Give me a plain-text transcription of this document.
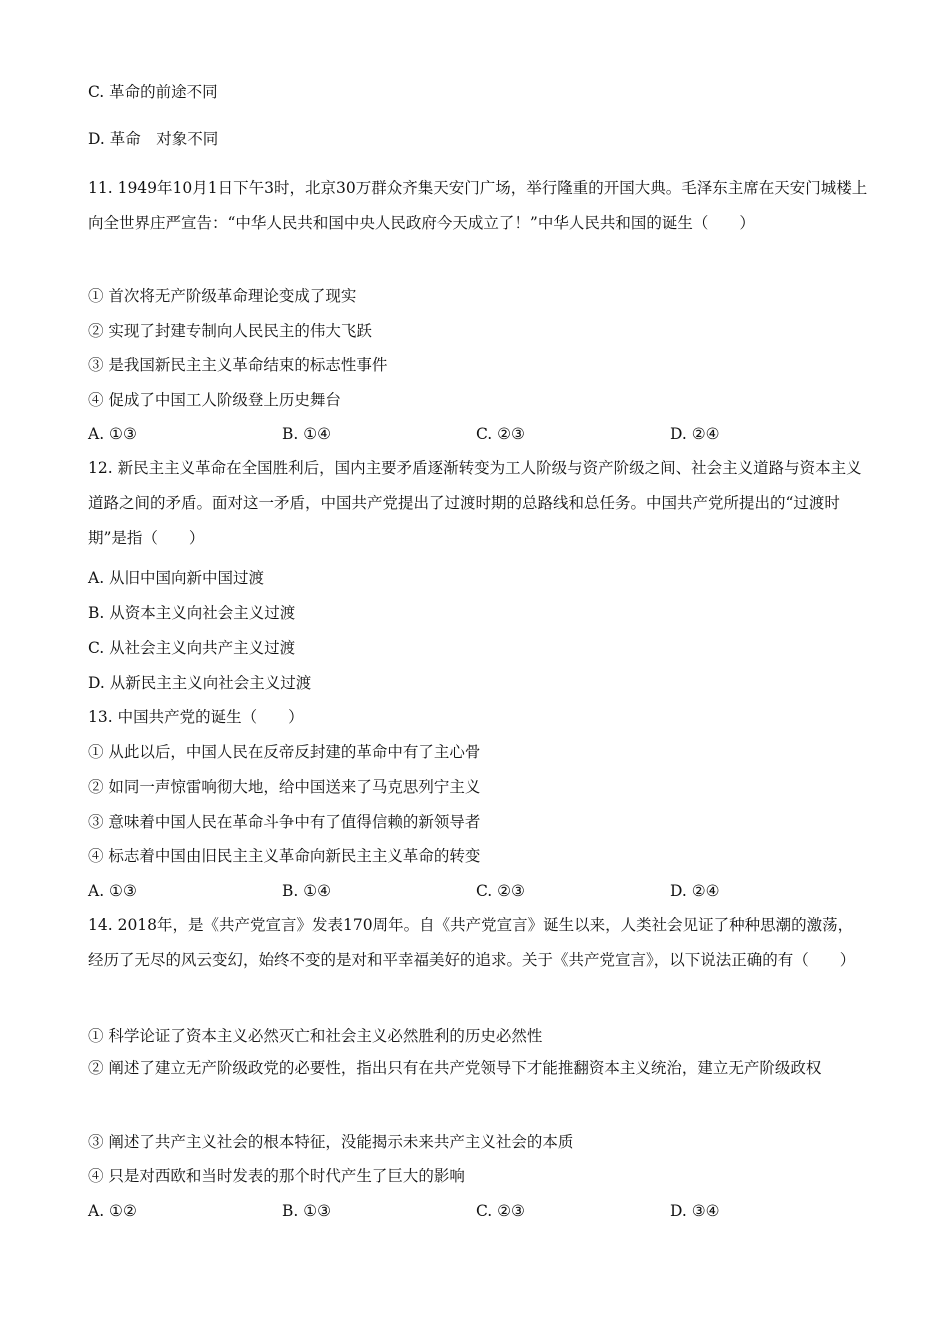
C. 革命的前途不同
D. 革命　对象不同
11. 1949年10月1日下午3时，北京30万群众齐集天安门广场，举行隆重的开国大典。毛泽东主席在天安门城楼上向全世界庄严宣告：“中华人民共和国中央人民政府今天成立了！”中华人民共和国的诞生（　　）
① 首次将无产阶级革命理论变成了现实
② 实现了封建专制向人民民主的伟大飞跃
③ 是我国新民主主义革命结束的标志性事件
④ 促成了中国工人阶级登上历史舞台
A. ①③	B. ①④	C. ②③	D. ②④
12. 新民主主义革命在全国胜利后，国内主要矛盾逐渐转变为工人阶级与资产阶级之间、社会主义道路与资本主义道路之间的矛盾。面对这一矛盾，中国共产党提出了过渡时期的总路线和总任务。中国共产党所提出的“过渡时期”是指（　　）
A. 从旧中国向新中国过渡
B. 从资本主义向社会主义过渡
C. 从社会主义向共产主义过渡
D. 从新民主主义向社会主义过渡
13. 中国共产党的诞生（　　）
① 从此以后，中国人民在反帝反封建的革命中有了主心骨
② 如同一声惊雷响彻大地，给中国送来了马克思列宁主义
③ 意味着中国人民在革命斗争中有了值得信赖的新领导者
④ 标志着中国由旧民主主义革命向新民主主义革命的转变
A. ①③	B. ①④	C. ②③	D. ②④
14. 2018年，是《共产党宣言》发表170周年。自《共产党宣言》诞生以来，人类社会见证了种种思潮的激荡，经历了无尽的风云变幻，始终不变的是对和平幸福美好的追求。关于《共产党宣言》，以下说法正确的有（　　）
① 科学论证了资本主义必然灭亡和社会主义必然胜利的历史必然性
② 阐述了建立无产阶级政党的必要性，指出只有在共产党领导下才能推翻资本主义统治，建立无产阶级政权
③ 阐述了共产主义社会的根本特征，没能揭示未来共产主义社会的本质
④ 只是对西欧和当时发表的那个时代产生了巨大的影响
A. ①②	B. ①③	C. ②③	D. ③④
